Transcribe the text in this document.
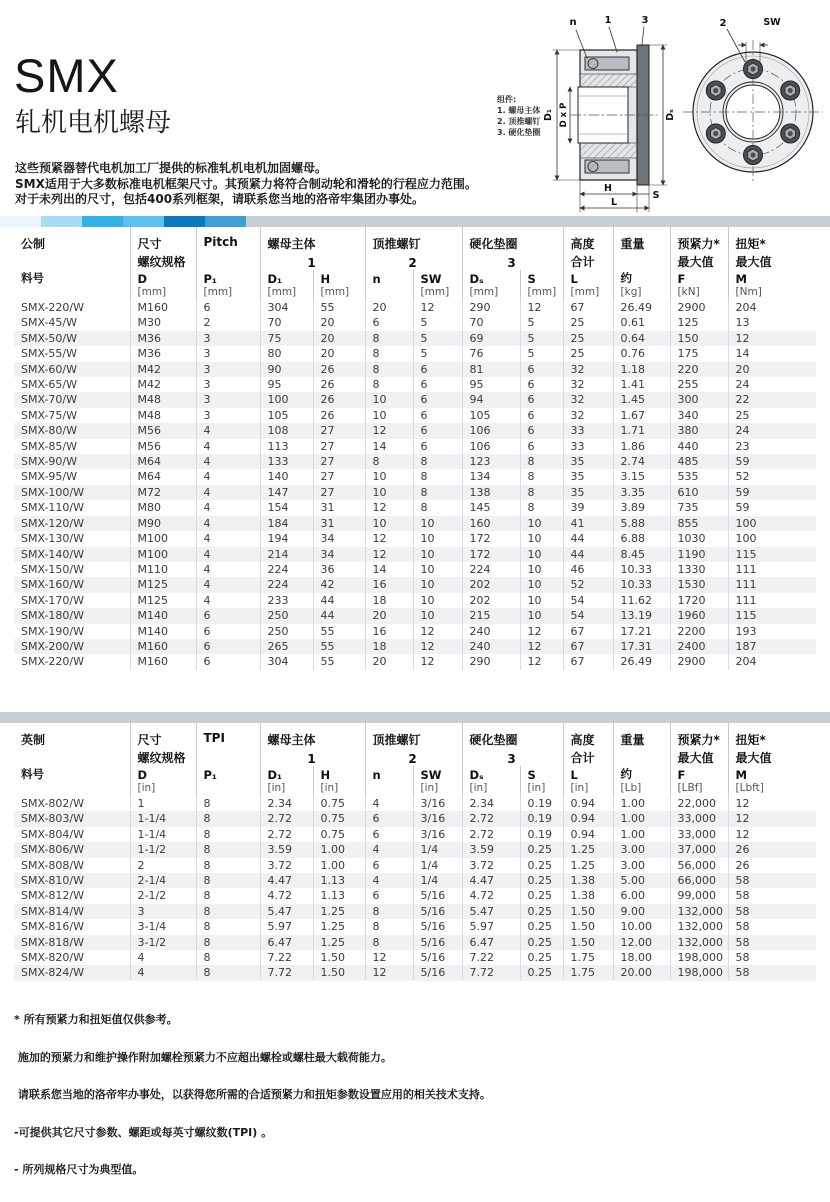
SMX
轧机电机螺母
这些预紧器替代电机加工厂提供的标准轧机电机加固螺母。
SMX适用于大多数标准电机框架尺寸。其预紧力将符合制动轮和滑轮的行程应力范围。
对于未列出的尺寸，包括400系列框架，请联系您当地的洛帝牢集团办事处。
组件:
1. 螺母主体
2. 顶推螺钉
3. 硬化垫圈
n	1	3
D₁ D x P	Dₛ
H
S
L
2	SW
公制	尺寸	Pitch	螺母主体		顶推螺钉		硬化垫圈		高度	重量	预紧力*	扭矩*
	螺纹规格		1		2		3		合计		最大值	最大值
料号	D	P₁	D₁	H	n	SW	Dₛ	S	L	约	F	M
	[mm]	[mm]	[mm]	[mm]		[mm]	[mm]	[mm]	[mm]	[kg]	[kN]	[Nm]
SMX-220/W	M160	6	304	55	20	12	290	12	67	26.49	2900	204
SMX-45/W	M30	2	70	20	6	5	70	5	25	0.61	125	13
SMX-50/W	M36	3	75	20	8	5	69	5	25	0.64	150	12
SMX-55/W	M36	3	80	20	8	5	76	5	25	0.76	175	14
SMX-60/W	M42	3	90	26	8	6	81	6	32	1.18	220	20
SMX-65/W	M42	3	95	26	8	6	95	6	32	1.41	255	24
SMX-70/W	M48	3	100	26	10	6	94	6	32	1.45	300	22
SMX-75/W	M48	3	105	26	10	6	105	6	32	1.67	340	25
SMX-80/W	M56	4	108	27	12	6	106	6	33	1.71	380	24
SMX-85/W	M56	4	113	27	14	6	106	6	33	1.86	440	23
SMX-90/W	M64	4	133	27	8	8	123	8	35	2.74	485	59
SMX-95/W	M64	4	140	27	10	8	134	8	35	3.15	535	52
SMX-100/W	M72	4	147	27	10	8	138	8	35	3.35	610	59
SMX-110/W	M80	4	154	31	12	8	145	8	39	3.89	735	59
SMX-120/W	M90	4	184	31	10	10	160	10	41	5.88	855	100
SMX-130/W	M100	4	194	34	12	10	172	10	44	6.88	1030	100
SMX-140/W	M100	4	214	34	12	10	172	10	44	8.45	1190	115
SMX-150/W	M110	4	224	36	14	10	224	10	46	10.33	1330	111
SMX-160/W	M125	4	224	42	16	10	202	10	52	10.33	1530	111
SMX-170/W	M125	4	233	44	18	10	202	10	54	11.62	1720	111
SMX-180/W	M140	6	250	44	20	10	215	10	54	13.19	1960	115
SMX-190/W	M140	6	250	55	16	12	240	12	67	17.21	2200	193
SMX-200/W	M160	6	265	55	18	12	240	12	67	17.31	2400	187
SMX-220/W	M160	6	304	55	20	12	290	12	67	26.49	2900	204
英制	尺寸	TPI	螺母主体		顶推螺钉		硬化垫圈		高度	重量	预紧力*	扭矩*
	螺纹规格		1		2		3		合计		最大值	最大值
料号	D	P₁	D₁	H	n	SW	Dₛ	S	L	约	F	M
	[in]		[in]	[in]		[in]	[in]	[in]	[in]	[Lb]	[LBf]	[Lbft]
SMX-802/W	1	8	2.34	0.75	4	3/16	2.34	0.19	0.94	1.00	22,000	12
SMX-803/W	1-1/4	8	2.72	0.75	6	3/16	2.72	0.19	0.94	1.00	33,000	12
SMX-804/W	1-1/4	8	2.72	0.75	6	3/16	2.72	0.19	0.94	1.00	33,000	12
SMX-806/W	1-1/2	8	3.59	1.00	4	1/4	3.59	0.25	1.25	3.00	37,000	26
SMX-808/W	2	8	3.72	1.00	6	1/4	3.72	0.25	1.25	3.00	56,000	26
SMX-810/W	2-1/4	8	4.47	1.13	4	1/4	4.47	0.25	1.38	5.00	66,000	58
SMX-812/W	2-1/2	8	4.72	1.13	6	5/16	4.72	0.25	1.38	6.00	99,000	58
SMX-814/W	3	8	5.47	1.25	8	5/16	5.47	0.25	1.50	9.00	132,000	58
SMX-816/W	3-1/4	8	5.97	1.25	8	5/16	5.97	0.25	1.50	10.00	132,000	58
SMX-818/W	3-1/2	8	6.47	1.25	8	5/16	6.47	0.25	1.50	12.00	132,000	58
SMX-820/W	4	8	7.22	1.50	12	5/16	7.22	0.25	1.75	18.00	198,000	58
SMX-824/W	4	8	7.72	1.50	12	5/16	7.72	0.25	1.75	20.00	198,000	58

* 所有预紧力和扭矩值仅供参考。

施加的预紧力和维护操作附加螺栓预紧力不应超出螺栓或螺柱最大载荷能力。

请联系您当地的洛帝牢办事处，以获得您所需的合适预紧力和扭矩参数设置应用的相关技术支持。

-可提供其它尺寸参数、螺距或每英寸螺纹数(TPI) 。

- 所列规格尺寸为典型值。
